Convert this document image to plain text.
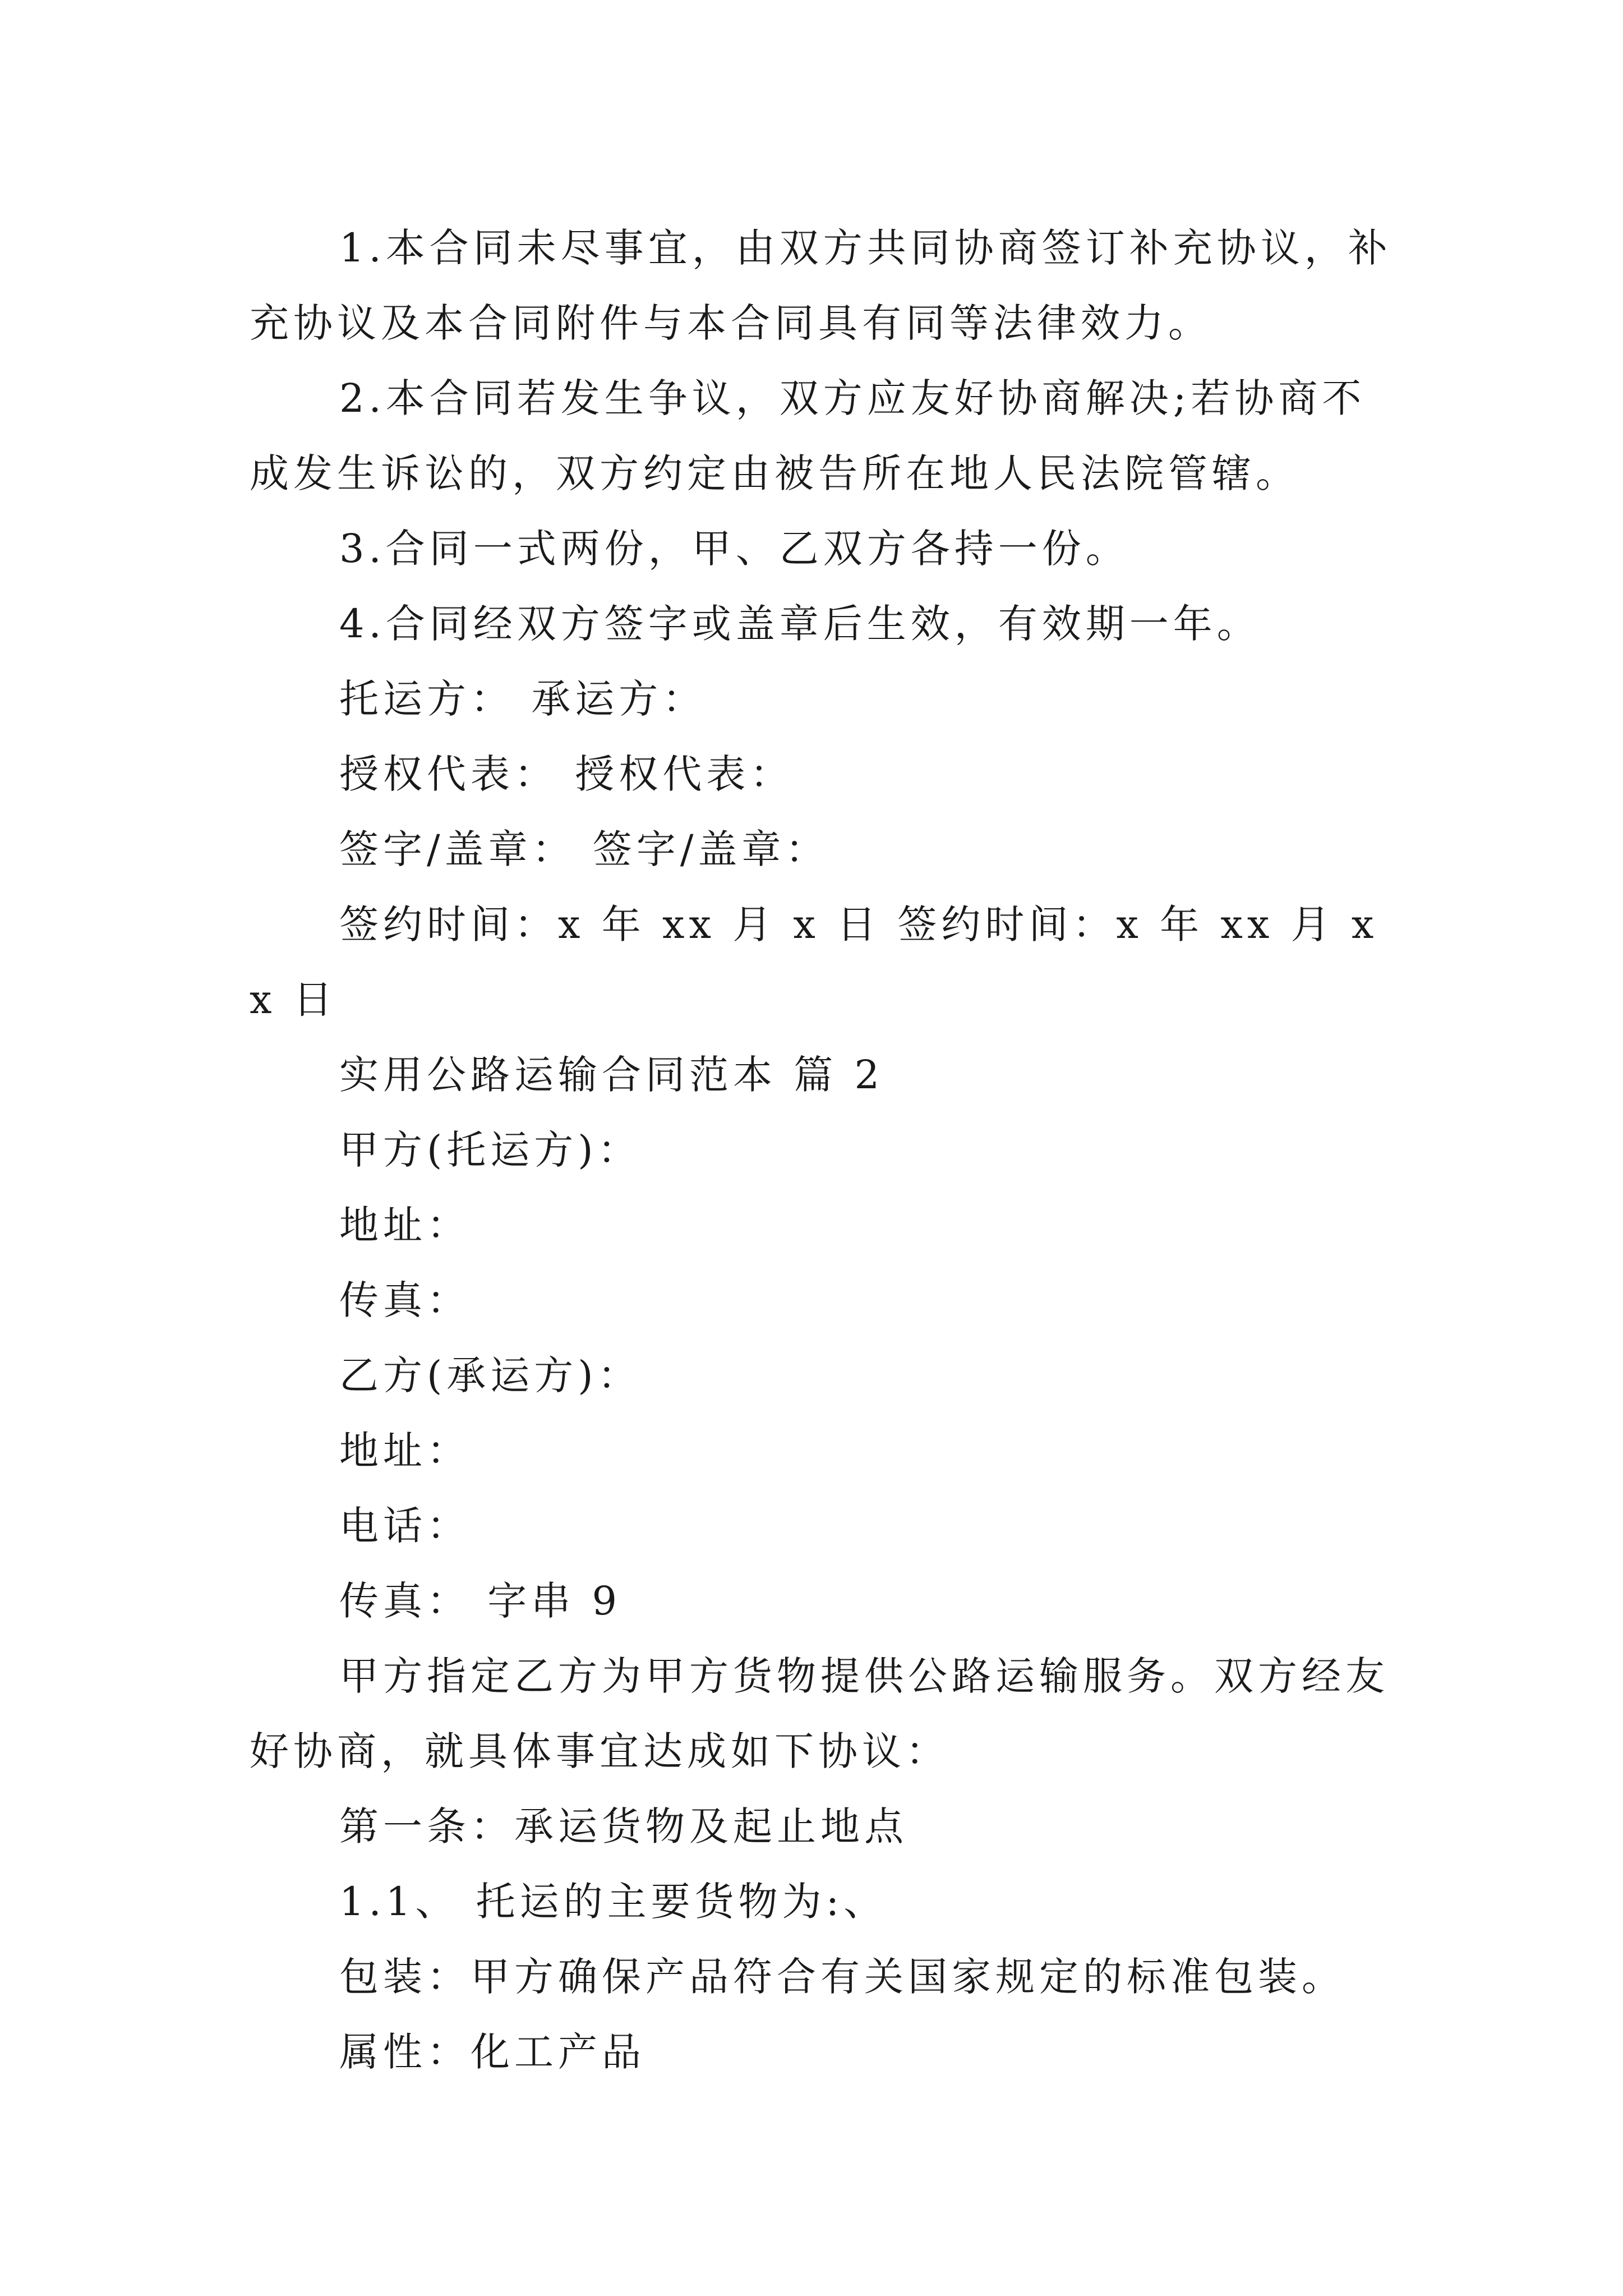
1.本合同未尽事宜，由双方共同协商签订补充协议，补充协议及本合同附件与本合同具有同等法律效力。

2.本合同若发生争议，双方应友好协商解决;若协商不成发生诉讼的，双方约定由被告所在地人民法院管辖。

3.合同一式两份，甲、乙双方各持一份。

4.合同经双方签字或盖章后生效，有效期一年。

托运方： 承运方：

授权代表： 授权代表：

签字/盖章： 签字/盖章：

签约时间：x 年 xx 月 x 日 签约时间：x 年 xx 月 xx 日

实用公路运输合同范本 篇 2

甲方(托运方)：

地址：

传真：

乙方(承运方)：

地址：

电话：

传真： 字串 9

甲方指定乙方为甲方货物提供公路运输服务。双方经友好协商，就具体事宜达成如下协议：

第一条：承运货物及起止地点

1.1、 托运的主要货物为:、

包装：甲方确保产品符合有关国家规定的标准包装。

属性：化工产品
